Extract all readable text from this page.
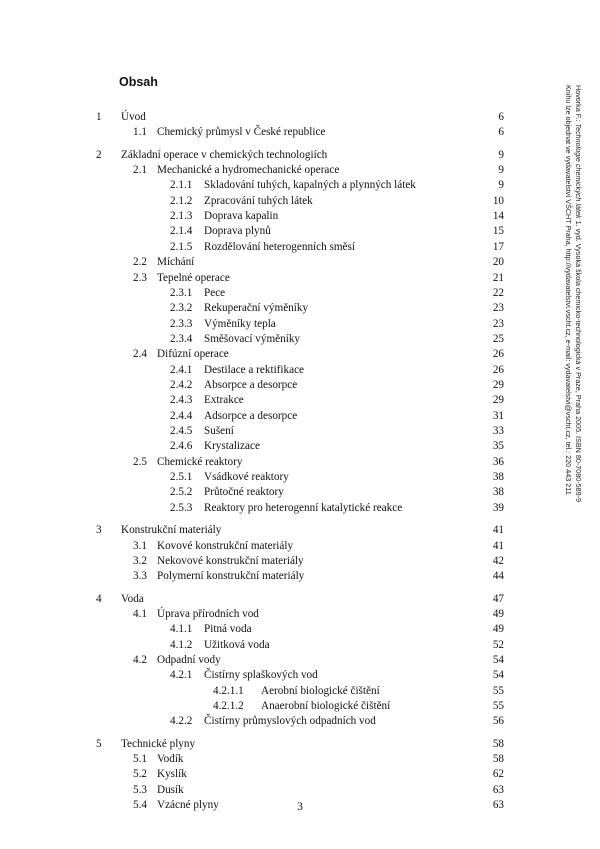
Obsah
1 Úvod	6
1.1 Chemický průmysl v České republice	6
2 Základní operace v chemických technologiích	9
2.1 Mechanické a hydromechanické operace	9
2.1.1 Skladování tuhých, kapalných a plynných látek	9
2.1.2 Zpracování tuhých látek	10
2.1.3 Doprava kapalin	14
2.1.4 Doprava plynů	15
2.1.5 Rozdělování heterogenních směsí	17
2.2 Míchání	20
2.3 Tepelné operace	21
2.3.1 Pece	22
2.3.2 Rekuperační výměníky	23
2.3.3 Výměníky tepla	23
2.3.4 Směšovací výměníky	25
2.4 Difúzní operace	26
2.4.1 Destilace a rektifikace	26
2.4.2 Absorpce a desorpce	29
2.4.3 Extrakce	29
2.4.4 Adsorpce a desorpce	31
2.4.5 Sušení	33
2.4.6 Krystalizace	35
2.5 Chemické reaktory	36
2.5.1 Vsádkové reaktory	38
2.5.2 Průtočné reaktory	38
2.5.3 Reaktory pro heterogenní katalytické reakce	39
3 Konstrukční materiály	41
3.1 Kovové konstrukční materiály	41
3.2 Nekovové konstrukční materiály	42
3.3 Polymerní konstrukční materiály	44
4 Voda	47
4.1 Úprava přírodních vod	49
4.1.1 Pitná voda	49
4.1.2 Užitková voda	52
4.2 Odpadní vody	54
4.2.1 Čistírny splaškových vod	54
4.2.1.1 Aerobní biologické čištění	55
4.2.1.2 Anaerobní biologické čištění	55
4.2.2 Čistírny průmyslových odpadních vod	56
5 Technické plyny	58
5.1 Vodík	58
5.2 Kyslík	62
5.3 Dusík	63
5.4 Vzácné plyny	63
3
Hovorka F.: Technologie chemických látek 1. vyd. Vysoká škola chemicko-technologická v Praze, Praha 2005. ISBN 80-7080-589-9
Knihu lze objednat ve vydavatelství VŠCHT Praha, http://vydavatelstvi.vscht.cz, e-mail: vydavatelstvi@vscht.cz, tel.: 220 443 211
